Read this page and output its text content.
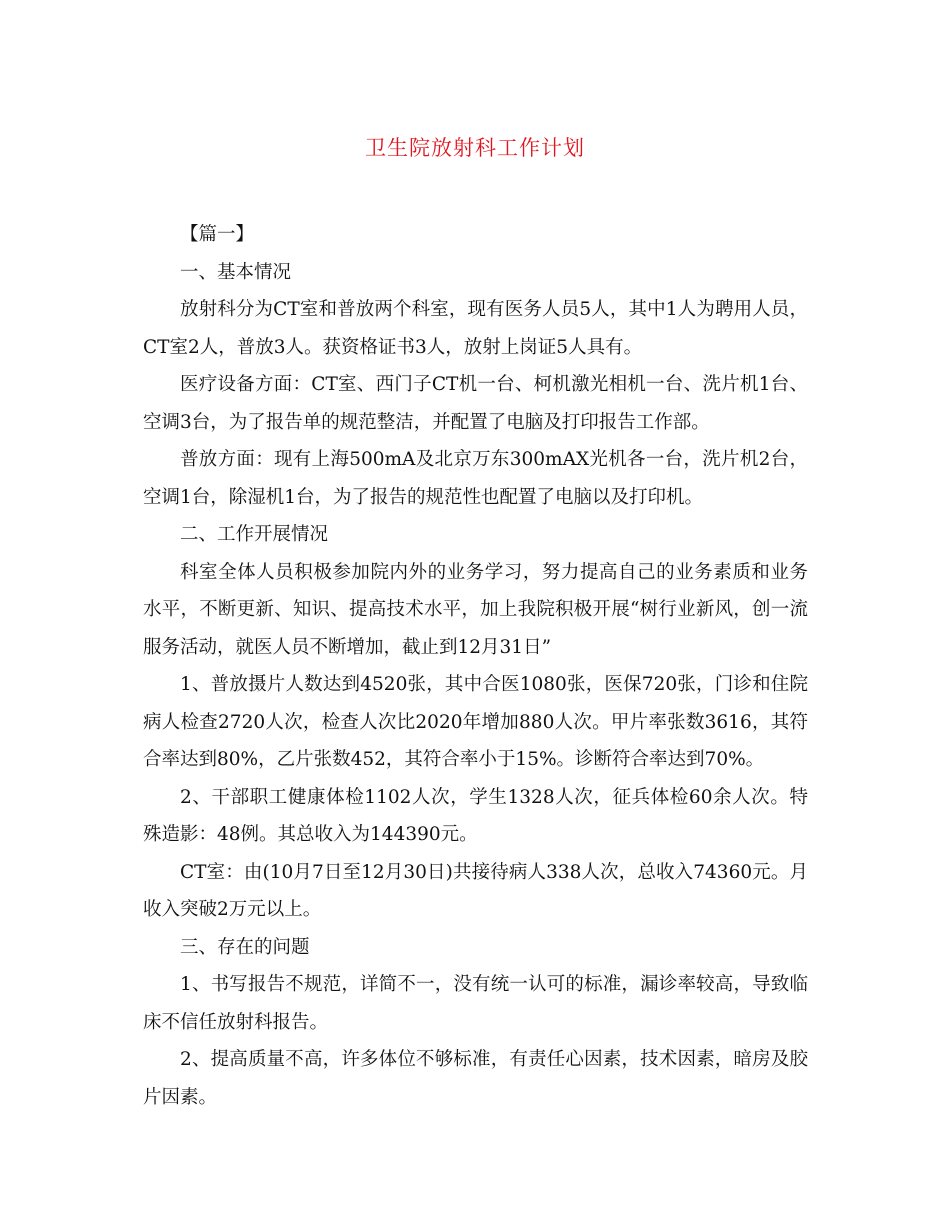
卫生院放射科工作计划

【篇一】

一、基本情况

放射科分为CT室和普放两个科室，现有医务人员5人，其中1人为聘用人员，CT室2人，普放3人。获资格证书3人，放射上岗证5人具有。

医疗设备方面：CT室、西门子CT机一台、柯机激光相机一台、洗片机1台、空调3台，为了报告单的规范整洁，并配置了电脑及打印报告工作部。

普放方面：现有上海500mA及北京万东300mAX光机各一台，洗片机2台，空调1台，除湿机1台，为了报告的规范性也配置了电脑以及打印机。

二、工作开展情况

科室全体人员积极参加院内外的业务学习，努力提高自己的业务素质和业务水平，不断更新、知识、提高技术水平，加上我院积极开展“树行业新风，创一流服务活动，就医人员不断增加，截止到12月31日”

1、普放摄片人数达到4520张，其中合医1080张，医保720张，门诊和住院病人检查2720人次，检查人次比2020年增加880人次。甲片率张数3616，其符合率达到80%，乙片张数452，其符合率小于15%。诊断符合率达到70%。

2、干部职工健康体检1102人次，学生1328人次，征兵体检60余人次。特殊造影：48例。其总收入为144390元。

CT室：由(10月7日至12月30日)共接待病人338人次，总收入74360元。月收入突破2万元以上。

三、存在的问题

1、书写报告不规范，详简不一，没有统一认可的标准，漏诊率较高，导致临床不信任放射科报告。

2、提高质量不高，许多体位不够标准，有责任心因素，技术因素，暗房及胶片因素。
